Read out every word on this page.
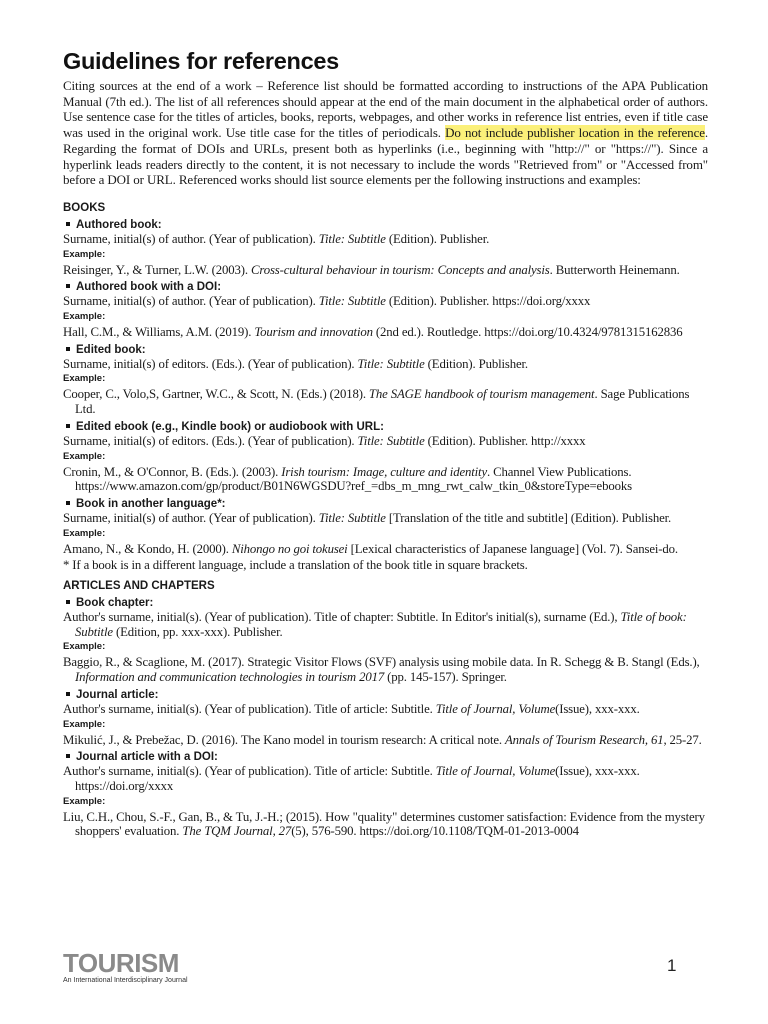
Guidelines for references
Citing sources at the end of a work – Reference list should be formatted according to instructions of the APA Publication Manual (7th ed.). The list of all references should appear at the end of the main document in the alphabetical order of authors. Use sentence case for the titles of articles, books, reports, webpages, and other works in reference list entries, even if title case was used in the original work. Use title case for the titles of periodicals. Do not include publisher location in the reference. Regarding the format of DOIs and URLs, present both as hyperlinks (i.e., beginning with "http://" or "https://"). Since a hyperlink leads readers directly to the content, it is not necessary to include the words "Retrieved from" or "Accessed from" before a DOI or URL. Referenced works should list source elements per the following instructions and examples:
BOOKS
Authored book:
Surname, initial(s) of author. (Year of publication). Title: Subtitle (Edition). Publisher.
Example:
Reisinger, Y., & Turner, L.W. (2003). Cross-cultural behaviour in tourism: Concepts and analysis. Butterworth Heinemann.
Authored book with a DOI:
Surname, initial(s) of author. (Year of publication). Title: Subtitle (Edition). Publisher. https://doi.org/xxxx
Example:
Hall, C.M., & Williams, A.M. (2019). Tourism and innovation (2nd ed.). Routledge. https://doi.org/10.4324/9781315162836
Edited book:
Surname, initial(s) of editors. (Eds.). (Year of publication). Title: Subtitle (Edition). Publisher.
Example:
Cooper, C., Volo,S, Gartner, W.C., & Scott, N. (Eds.) (2018). The SAGE handbook of tourism management. Sage Publications Ltd.
Edited ebook (e.g., Kindle book) or audiobook with URL:
Surname, initial(s) of editors. (Eds.). (Year of publication). Title: Subtitle (Edition). Publisher. http://xxxx
Example:
Cronin, M., & O'Connor, B. (Eds.). (2003). Irish tourism: Image, culture and identity. Channel View Publications. https://www.amazon.com/gp/product/B01N6WGSDU?ref_=dbs_m_mng_rwt_calw_tkin_0&storeType=ebooks
Book in another language*:
Surname, initial(s) of author. (Year of publication). Title: Subtitle [Translation of the title and subtitle] (Edition). Publisher.
Example:
Amano, N., & Kondo, H. (2000). Nihongo no goi tokusei [Lexical characteristics of Japanese language] (Vol. 7). Sansei-do.
* If a book is in a different language, include a translation of the book title in square brackets.
ARTICLES AND CHAPTERS
Book chapter:
Author's surname, initial(s). (Year of publication). Title of chapter: Subtitle. In Editor's initial(s), surname (Ed.), Title of book: Subtitle (Edition, pp. xxx-xxx). Publisher.
Example:
Baggio, R., & Scaglione, M. (2017). Strategic Visitor Flows (SVF) analysis using mobile data. In R. Schegg & B. Stangl (Eds.), Information and communication technologies in tourism 2017 (pp. 145-157). Springer.
Journal article:
Author's surname, initial(s). (Year of publication). Title of article: Subtitle. Title of Journal, Volume(Issue), xxx-xxx.
Example:
Mikulić, J., & Prebežac, D. (2016). The Kano model in tourism research: A critical note. Annals of Tourism Research, 61, 25-27.
Journal article with a DOI:
Author's surname, initial(s). (Year of publication). Title of article: Subtitle. Title of Journal, Volume(Issue), xxx-xxx. https://doi.org/xxxx
Example:
Liu, C.H., Chou, S.-F., Gan, B., & Tu, J.-H.; (2015). How "quality" determines customer satisfaction: Evidence from the mystery shoppers' evaluation. The TQM Journal, 27(5), 576-590. https://doi.org/10.1108/TQM-01-2013-0004
TOURISM
An International Interdisciplinary Journal
1
